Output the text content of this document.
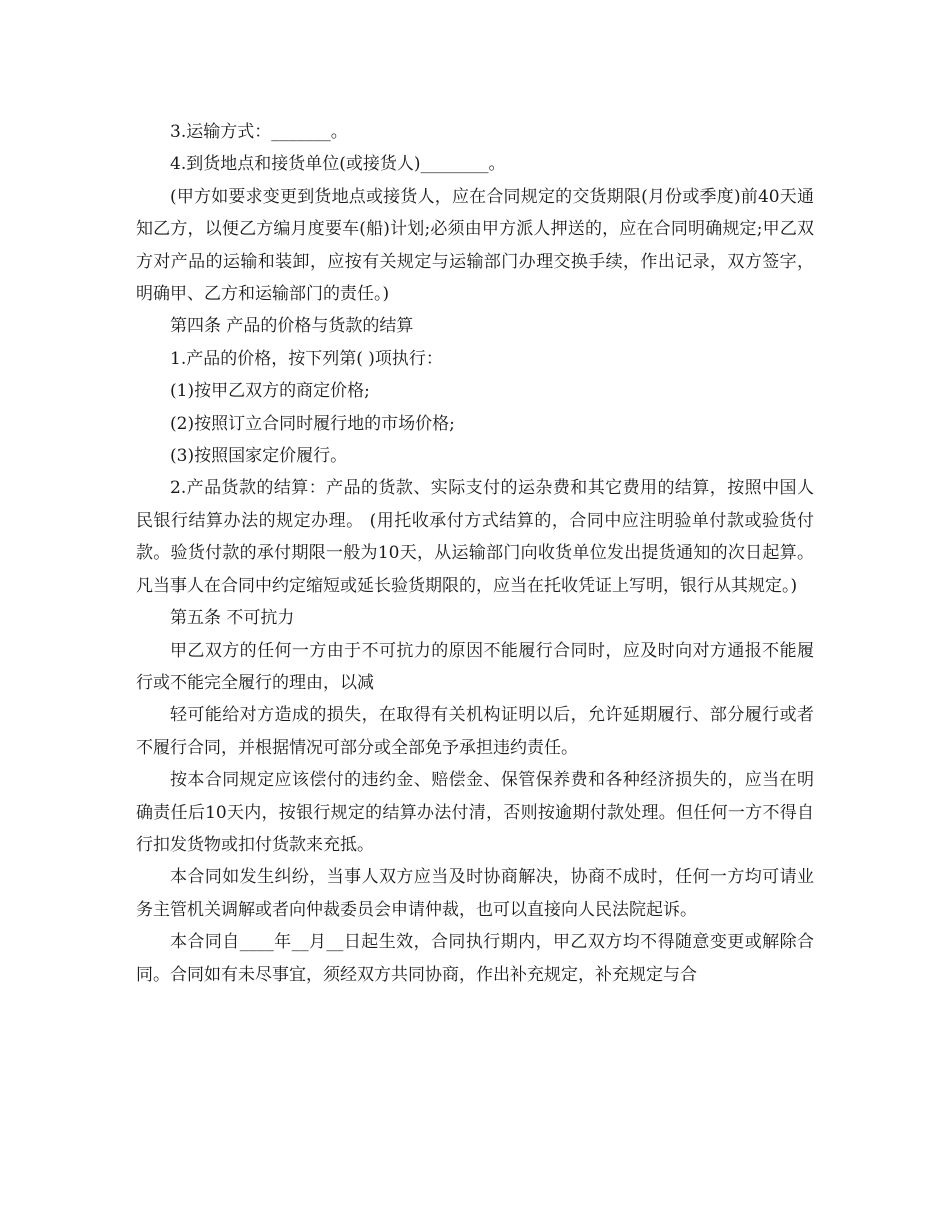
3.运输方式：_______。

4.到货地点和接货单位(或接货人)________。

(甲方如要求变更到货地点或接货人，应在合同规定的交货期限(月份或季度)前40天通知乙方，以便乙方编月度要车(船)计划;必须由甲方派人押送的，应在合同明确规定;甲乙双方对产品的运输和装卸，应按有关规定与运输部门办理交换手续，作出记录，双方签字，明确甲、乙方和运输部门的责任。)

第四条 产品的价格与货款的结算

1.产品的价格，按下列第( )项执行：

(1)按甲乙双方的商定价格;

(2)按照订立合同时履行地的市场价格;

(3)按照国家定价履行。

2.产品货款的结算：产品的货款、实际支付的运杂费和其它费用的结算，按照中国人民银行结算办法的规定办理。 (用托收承付方式结算的，合同中应注明验单付款或验货付款。验货付款的承付期限一般为10天，从运输部门向收货单位发出提货通知的次日起算。凡当事人在合同中约定缩短或延长验货期限的，应当在托收凭证上写明，银行从其规定。)

第五条 不可抗力

甲乙双方的任何一方由于不可抗力的原因不能履行合同时，应及时向对方通报不能履行或不能完全履行的理由，以减

轻可能给对方造成的损失，在取得有关机构证明以后，允许延期履行、部分履行或者不履行合同，并根据情况可部分或全部免予承担违约责任。

按本合同规定应该偿付的违约金、赔偿金、保管保养费和各种经济损失的，应当在明确责任后10天内，按银行规定的结算办法付清，否则按逾期付款处理。但任何一方不得自行扣发货物或扣付货款来充抵。

本合同如发生纠纷，当事人双方应当及时协商解决，协商不成时，任何一方均可请业务主管机关调解或者向仲裁委员会申请仲裁，也可以直接向人民法院起诉。

本合同自____年__月__日起生效，合同执行期内，甲乙双方均不得随意变更或解除合同。合同如有未尽事宜，须经双方共同协商，作出补充规定，补充规定与合
